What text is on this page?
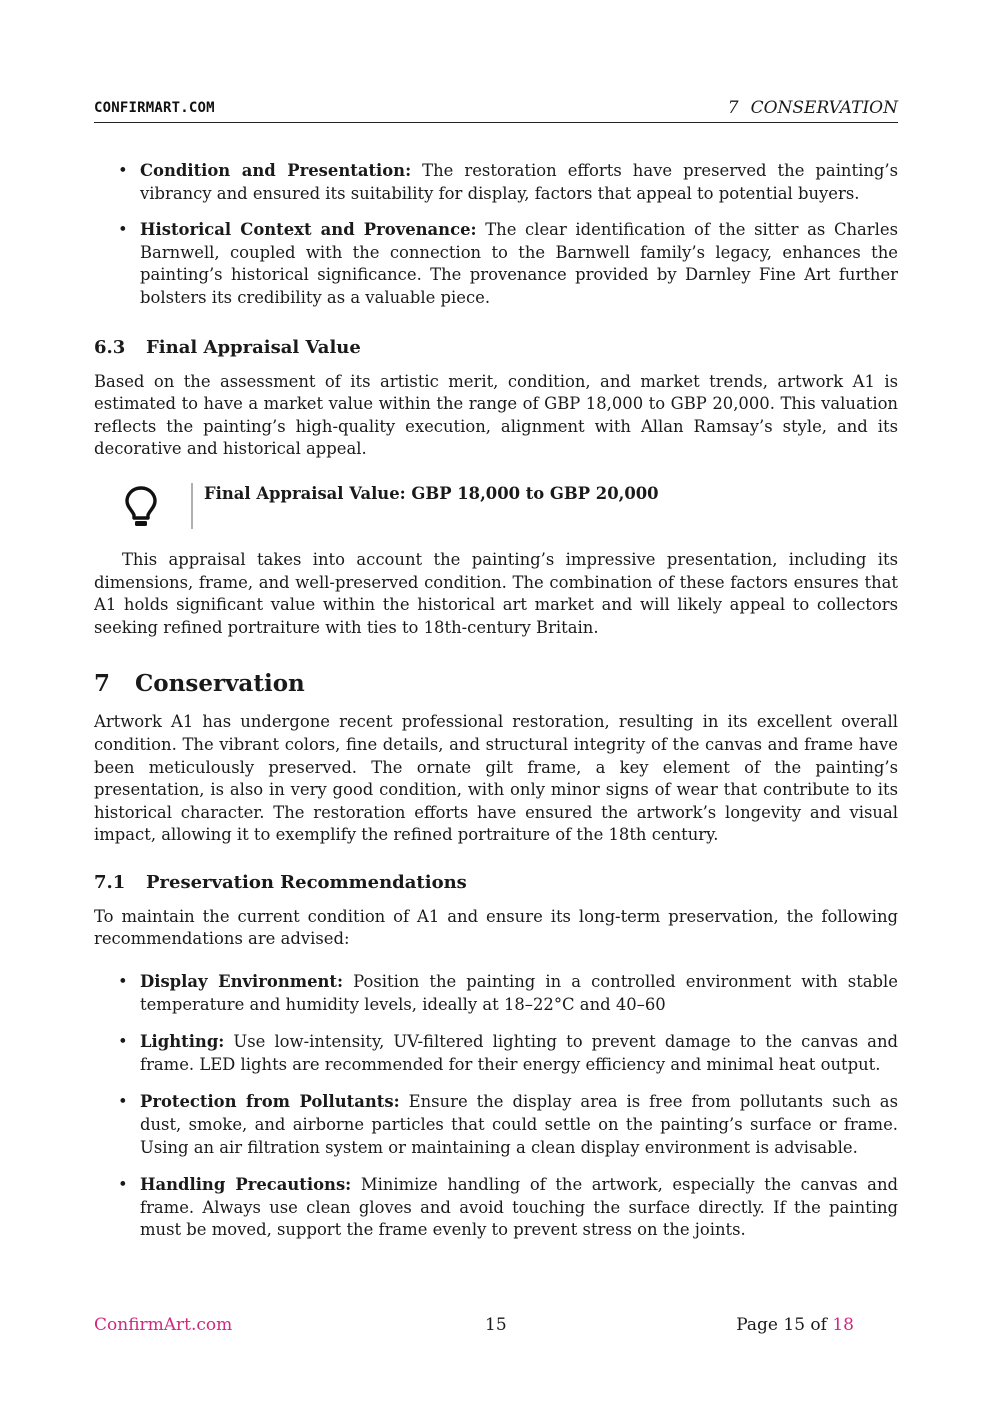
CONFIRMART.COM	7 CONSERVATION
• Condition and Presentation: The restoration efforts have preserved the painting’s vibrancy and ensured its suitability for display, factors that appeal to potential buyers.
• Historical Context and Provenance: The clear identification of the sitter as Charles Barnwell, coupled with the connection to the Barnwell family’s legacy, enhances the painting’s historical significance. The provenance provided by Darnley Fine Art further bolsters its credibility as a valuable piece.
6.3 Final Appraisal Value

Based on the assessment of its artistic merit, condition, and market trends, artwork A1 is estimated to have a market value within the range of GBP 18,000 to GBP 20,000. This valuation reflects the painting’s high-quality execution, alignment with Allan Ramsay’s style, and its decorative and historical appeal.

Final Appraisal Value: GBP 18,000 to GBP 20,000

This appraisal takes into account the painting’s impressive presentation, including its dimensions, frame, and well-preserved condition. The combination of these factors ensures that A1 holds significant value within the historical art market and will likely appeal to collectors seeking refined portraiture with ties to 18th-century Britain.

7 Conservation

Artwork A1 has undergone recent professional restoration, resulting in its excellent overall condition. The vibrant colors, fine details, and structural integrity of the canvas and frame have been meticulously preserved. The ornate gilt frame, a key element of the painting’s presentation, is also in very good condition, with only minor signs of wear that contribute to its historical character. The restoration efforts have ensured the artwork’s longevity and visual impact, allowing it to exemplify the refined portraiture of the 18th century.

7.1 Preservation Recommendations

To maintain the current condition of A1 and ensure its long-term preservation, the following recommendations are advised:

• Display Environment: Position the painting in a controlled environment with stable temperature and humidity levels, ideally at 18–22°C and 40–60
• Lighting: Use low-intensity, UV-filtered lighting to prevent damage to the canvas and frame. LED lights are recommended for their energy efficiency and minimal heat output.
• Protection from Pollutants: Ensure the display area is free from pollutants such as dust, smoke, and airborne particles that could settle on the painting’s surface or frame. Using an air filtration system or maintaining a clean display environment is advisable.
• Handling Precautions: Minimize handling of the artwork, especially the canvas and frame. Always use clean gloves and avoid touching the surface directly. If the painting must be moved, support the frame evenly to prevent stress on the joints.
ConfirmArt.com	15	Page 15 of 18
